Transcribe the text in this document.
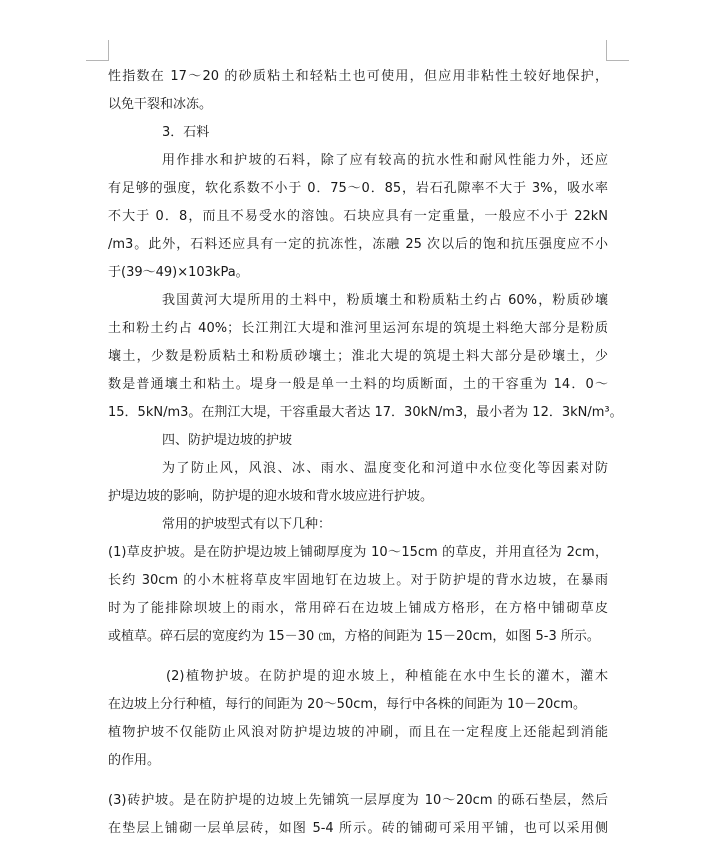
性指数在 17～20 的砂质粘土和轻粘土也可使用，但应用非粘性土较好地保护，
以免干裂和冰冻。
3．石料
用作排水和护坡的石料，除了应有较高的抗水性和耐风性能力外，还应
有足够的强度，软化系数不小于 0．75～0．85，岩石孔隙率不大于 3%，吸水率
不大于 0．8，而且不易受水的溶蚀。石块应具有一定重量，一般应不小于 22kN
/m3。此外，石料还应具有一定的抗冻性，冻融 25 次以后的饱和抗压强度应不小
于(39～49)×103kPa。
我国黄河大堤所用的土料中，粉质壤土和粉质粘土约占 60%，粉质砂壤
土和粉土约占 40%；长江荆江大堤和淮河里运河东堤的筑堤土料绝大部分是粉质
壤土，少数是粉质粘土和粉质砂壤土；淮北大堤的筑堤土料大部分是砂壤土，少
数是普通壤土和粘土。堤身一般是单一土料的均质断面，土的干容重为 14．0～
15．5kN/m3。在荆江大堤，干容重最大者达 17．30kN/m3，最小者为 12．3kN/m³。
四、防护堤边坡的护坡
为了防止风，风浪、冰、雨水、温度变化和河道中水位变化等因素对防
护堤边坡的影响，防护堤的迎水坡和背水坡应进行护坡。
常用的护坡型式有以下几种：
(1)草皮护坡。是在防护堤边坡上铺砌厚度为 10～15cm 的草皮，并用直径为 2cm，
长约 30cm 的小木桩将草皮牢固地钉在边坡上。对于防护堤的背水边坡，在暴雨
时为了能排除坝坡上的雨水，常用碎石在边坡上铺成方格形，在方格中铺砌草皮
或植草。碎石层的宽度约为 15－30 ㎝，方格的间距为 15－20cm，如图 5-3 所示。
(2)植物护坡。在防护堤的迎水坡上，种植能在水中生长的灌木，灌木
在边坡上分行种植，每行的间距为 20～50cm，每行中各株的间距为 10－20cm。
植物护坡不仅能防止风浪对防护堤边坡的冲刷，而且在一定程度上还能起到消能
的作用。
(3)砖护坡。是在防护堤的边坡上先铺筑一层厚度为 10～20cm 的砾石垫层，然后
在垫层上铺砌一层单层砖，如图 5-4 所示。砖的铺砌可采用平铺，也可以采用侧
